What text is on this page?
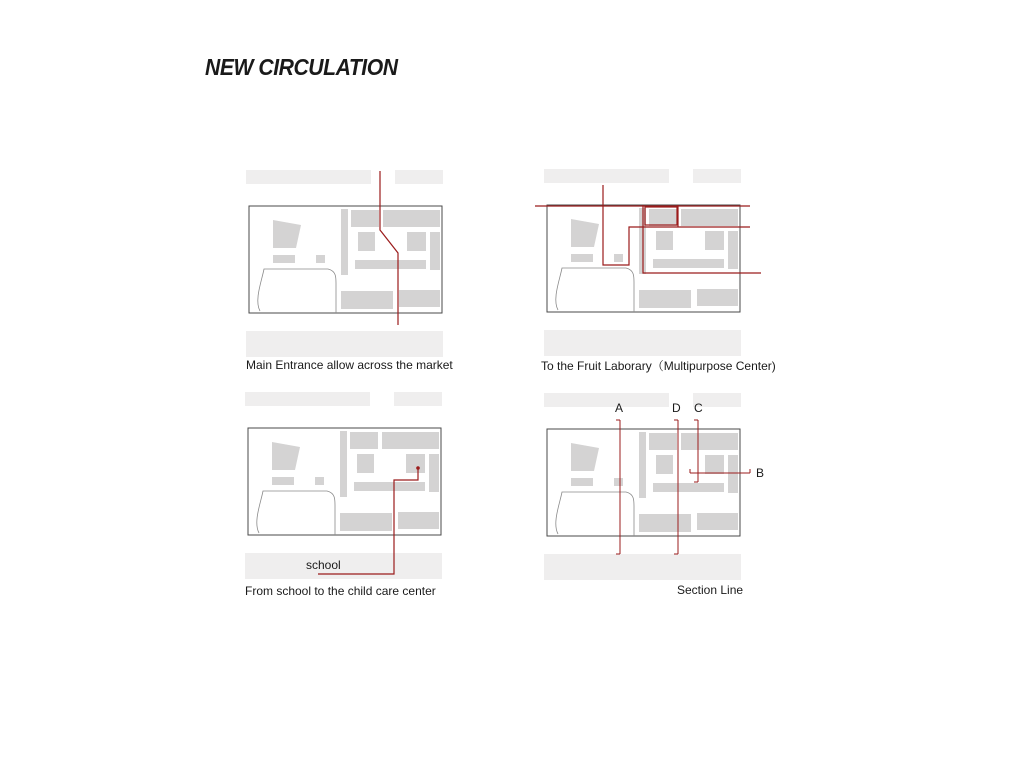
NEW CIRCULATION
Main Entrance allow across the market	To the Fruit Laborary（Multipurpose Center)
school
From school to the child care center
A	D C
B
Section Line
